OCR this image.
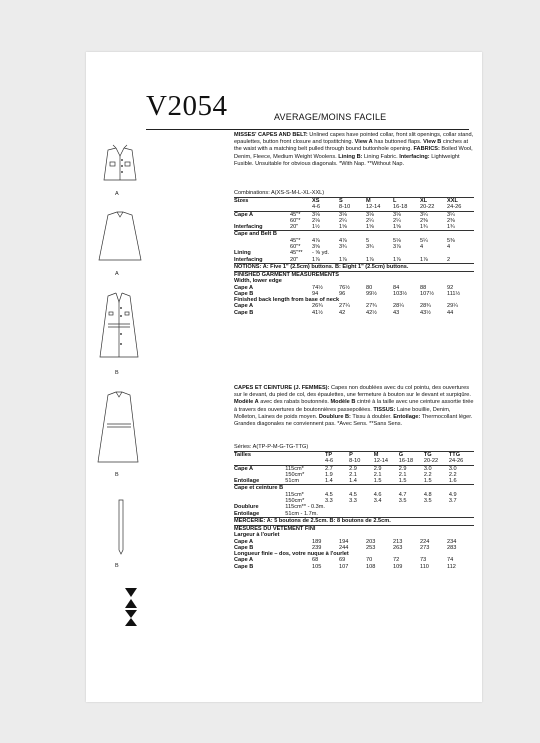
V2054	AVERAGE/MOINS FACILE
MISSES' CAPES AND BELT: Unlined capes have pointed collar, front slit openings, collar stand, epaulettes, button front closure and topstitching. View A has buttoned flaps. View B cinches at the waist with a matching belt pulled through bound buttonhole opening. FABRICS: Boiled Wool, Denim, Fleece, Medium Weight Woolens. Lining B: Lining Fabric. Interfacing: Lightweight Fusible. Unsuitable for obvious diagonals. *With Nap. **Without Nap.
Combinations: A(XS-S-M-L-XL-XXL)
Sizes		XS	S	M	L	XL	XXL
		4-6	8-10	12-14	16-18	20-22	24-26
Cape A	45"*	3⅛	3⅛	3⅛	3⅛	3¼	3¼
	60"*	2⅛	2¼	2¼	2¼	2⅜	2⅜
Interfacing	20"	1½	1⅝	1⅝	1⅝	1¾	1¾
Cape and Belt B							
	45"*	4⅞	4⅞	5	5⅛	5¼	5⅜
	60"*	3⅝	3¾	3¾	3⅞	4	4
Lining	45"**	- ⅝ yd.					
Interfacing	20"	1⅞	1⅞	1⅞	1⅞	1⅞	2
NOTIONS: A: Five 1" (2.5cm) buttons. B: Eight 1" (2.5cm) buttons.
FINISHED GARMENT MEASUREMENTS							
Width, lower edge							
Cape A		74½	76½	80	84	88	92
Cape B		94	96	99½	103½	107½	111½
Finished back length from base of neck							
Cape A		26¾	27¼	27¾	28¼	28¾	29¼
Cape B		41½	42	42½	43	43½	44
CAPES ET CEINTURE (J. FEMMES): Capes non doublées avec du col pointu, des ouvertures sur le devant, du pied de col, des épaulettes, une fermeture à bouton sur le devant et surpiqûre. Modèle A avec des rabats boutonnés. Modèle B cintré à la taille avec une ceinture assortie tirée à travers des ouvertures de boutonnières passepoilées. TISSUS: Laine bouillie, Denim, Molleton, Laines de poids moyen. Doublure B: Tissu à doubler. Entoilage: Thermocollant léger. Grandes diagonales ne conviennent pas. *Avec Sens. **Sans Sens.
Séries: A(TP-P-M-G-TG-TTG)
Tailles		TP	P	M	G	TG	TTG
		4-6	8-10	12-14	16-18	20-22	24-26
Cape A	115cm*	2.7	2.9	2.9	2.9	3.0	3.0
	150cm*	1.9	2.1	2.1	2.1	2.2	2.2
Entoilage	51cm	1.4	1.4	1.5	1.5	1.5	1.6
Cape et ceinture B							
	115cm*	4.5	4.5	4.6	4.7	4.8	4.9
	150cm*	3.3	3.3	3.4	3.5	3.5	3.7
Doublure	115cm** - 0.3m.						
Entoilage	51cm - 1.7m.						
MERCERIE: A: 5 boutons de 2.5cm. B: 8 boutons de 2.5cm.
MESURES DU VÊTEMENT FINI							
Largeur à l'ourlet							
Cape A		189	194	203	213	224	234
Cape B		239	244	253	263	273	283
Longueur finie – dos, votre nuque à l'ourlet							
Cape A		68	69	70	72	73	74
Cape B		105	107	108	109	110	112
A
A
B
B
B
